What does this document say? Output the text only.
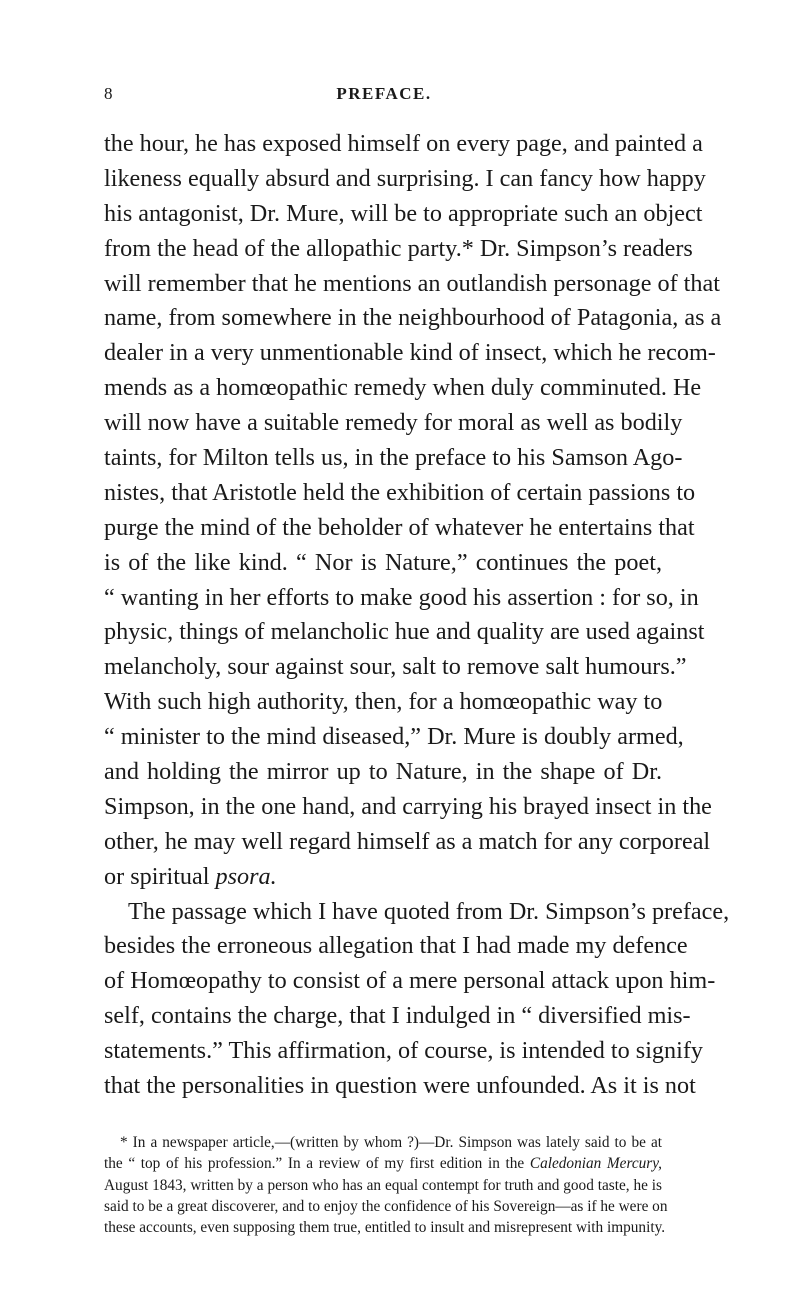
8	PREFACE.
the hour, he has exposed himself on every page, and painted a
likeness equally absurd and surprising. I can fancy how happy
his antagonist, Dr. Mure, will be to appropriate such an object
from the head of the allopathic party.* Dr. Simpson’s readers
will remember that he mentions an outlandish personage of that
name, from somewhere in the neighbourhood of Patagonia, as a
dealer in a very unmentionable kind of insect, which he recom-
mends as a homœopathic remedy when duly comminuted. He
will now have a suitable remedy for moral as well as bodily
taints, for Milton tells us, in the preface to his Samson Ago-
nistes, that Aristotle held the exhibition of certain passions to
purge the mind of the beholder of whatever he entertains that
is of the like kind. “ Nor is Nature,” continues the poet,
“ wanting in her efforts to make good his assertion : for so, in
physic, things of melancholic hue and quality are used against
melancholy, sour against sour, salt to remove salt humours.”
With such high authority, then, for a homœopathic way to
“ minister to the mind diseased,” Dr. Mure is doubly armed,
and holding the mirror up to Nature, in the shape of Dr.
Simpson, in the one hand, and carrying his brayed insect in the
other, he may well regard himself as a match for any corporeal
or spiritual psora.
The passage which I have quoted from Dr. Simpson’s preface,
besides the erroneous allegation that I had made my defence
of Homœopathy to consist of a mere personal attack upon him-
self, contains the charge, that I indulged in “ diversified mis-
statements.” This affirmation, of course, is intended to signify
that the personalities in question were unfounded. As it is not
* In a newspaper article,—(written by whom ?)—Dr. Simpson was lately said to be at
the “ top of his profession.” In a review of my first edition in the Caledonian Mercury,
August 1843, written by a person who has an equal contempt for truth and good taste, he is
said to be a great discoverer, and to enjoy the confidence of his Sovereign—as if he were on
these accounts, even supposing them true, entitled to insult and misrepresent with impunity.
